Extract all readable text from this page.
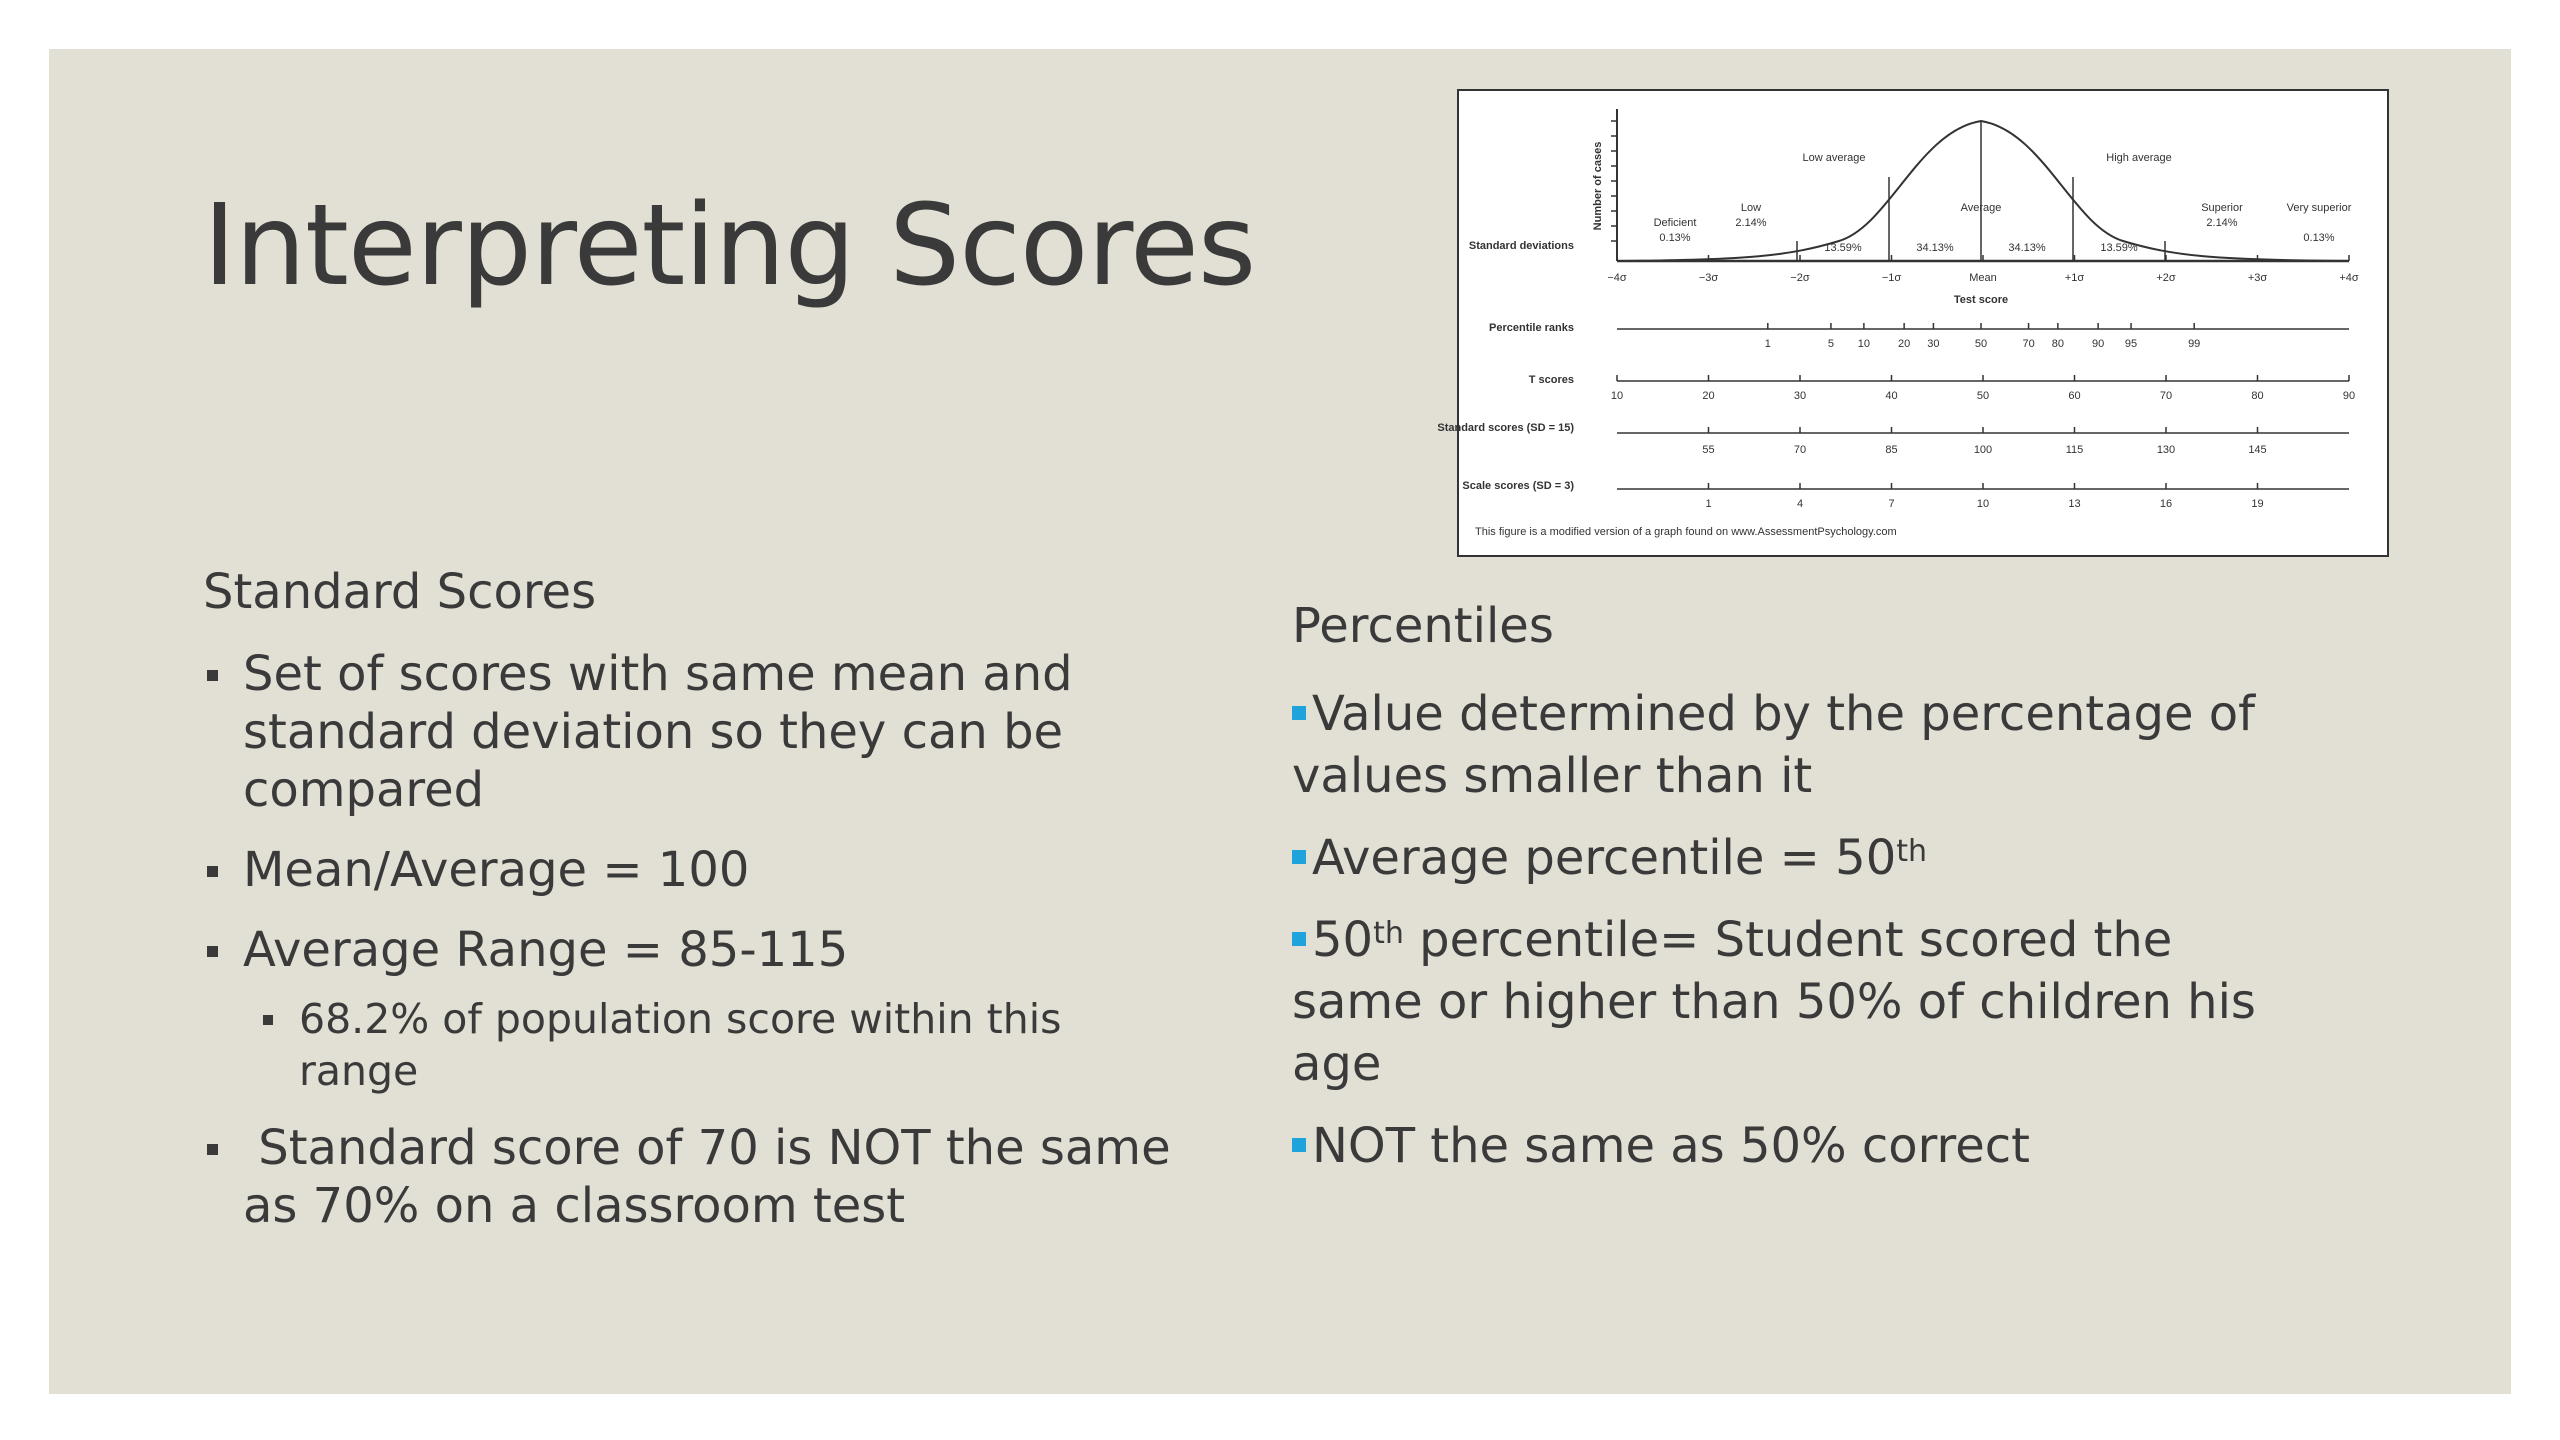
Interpreting Scores	Number of cases	Deficient
0.13%
Low
2.14%
Low average
Average
High average
Superior
2.14%
Very superior
0.13%
13.59%	34.13%	34.13%	13.59%
Standard deviations
Percentile ranks
T scores
Standard scores (SD = 15)
Scale scores (SD = 3)
Test score
−4σ	−3σ	−2σ	−1σ	Mean	+1σ	+2σ	+3σ	+4σ
10	20	30	40	50	60	70	80	90
55	70	85	100	115	130	145
1	4	7	10	13	16	19
1	5 10	20 30	50	70 80	90 95	99
This figure is a modified version of a graph found on www.AssessmentPsychology.com
Standard Scores
Set of scores with same mean and standard deviation so they can be compared
Mean/Average = 100
Average Range = 85-115
68.2% of population score within this range
Standard score of 70 is NOT the same as 70% on a classroom test
Percentiles
Value determined by the percentage of values smaller than it
Average percentile = 50th
50th percentile= Student scored the same or higher than 50% of children his age
NOT the same as 50% correct
